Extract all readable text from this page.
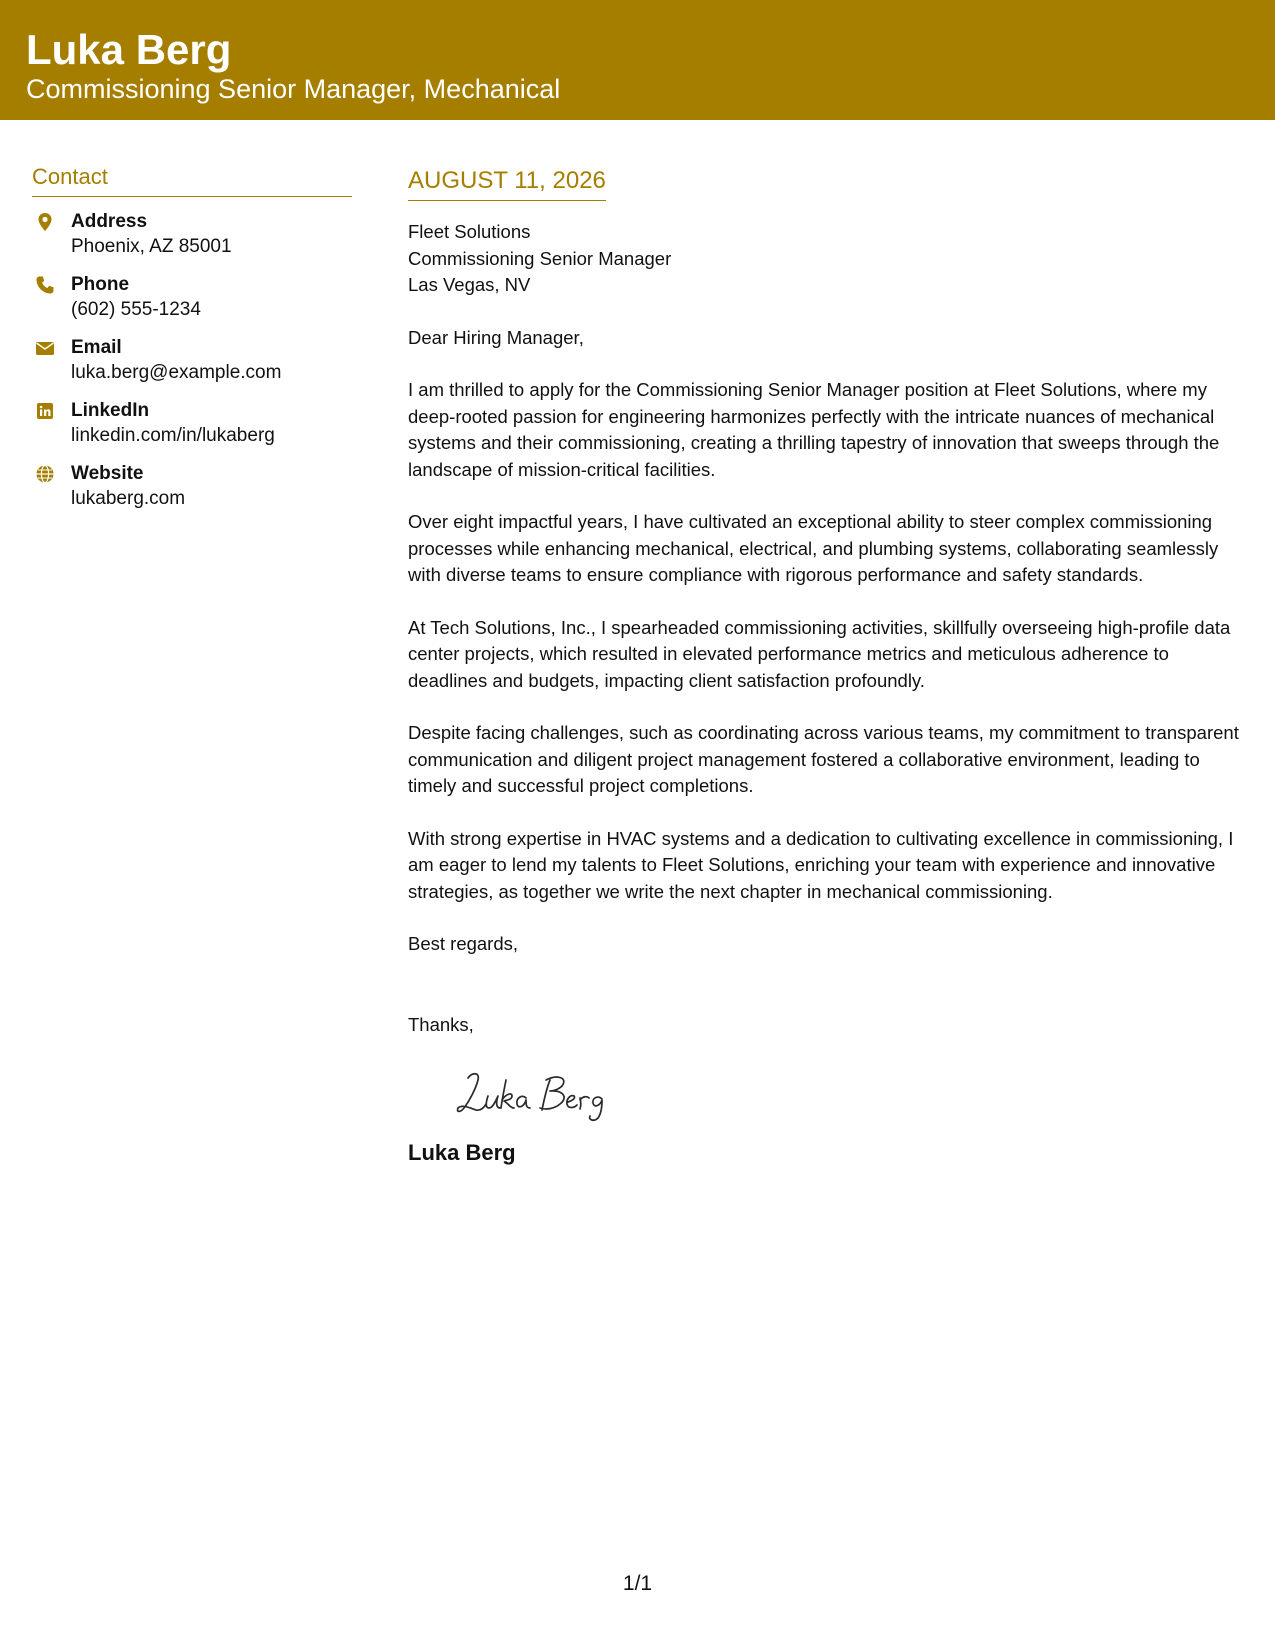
Luka Berg
Commissioning Senior Manager, Mechanical
Contact
Address
Phoenix, AZ 85001
Phone
(602) 555-1234
Email
luka.berg@example.com
LinkedIn
linkedin.com/in/lukaberg
Website
lukaberg.com
AUGUST 11, 2026
Fleet Solutions
Commissioning Senior Manager
Las Vegas, NV
Dear Hiring Manager,
I am thrilled to apply for the Commissioning Senior Manager position at Fleet Solutions, where my deep-rooted passion for engineering harmonizes perfectly with the intricate nuances of mechanical systems and their commissioning, creating a thrilling tapestry of innovation that sweeps through the landscape of mission-critical facilities.
Over eight impactful years, I have cultivated an exceptional ability to steer complex commissioning processes while enhancing mechanical, electrical, and plumbing systems, collaborating seamlessly with diverse teams to ensure compliance with rigorous performance and safety standards.
At Tech Solutions, Inc., I spearheaded commissioning activities, skillfully overseeing high-profile data center projects, which resulted in elevated performance metrics and meticulous adherence to deadlines and budgets, impacting client satisfaction profoundly.
Despite facing challenges, such as coordinating across various teams, my commitment to transparent communication and diligent project management fostered a collaborative environment, leading to timely and successful project completions.
With strong expertise in HVAC systems and a dedication to cultivating excellence in commissioning, I am eager to lend my talents to Fleet Solutions, enriching your team with experience and innovative strategies, as together we write the next chapter in mechanical commissioning.
Best regards,
Thanks,
Luka Berg
1/1
